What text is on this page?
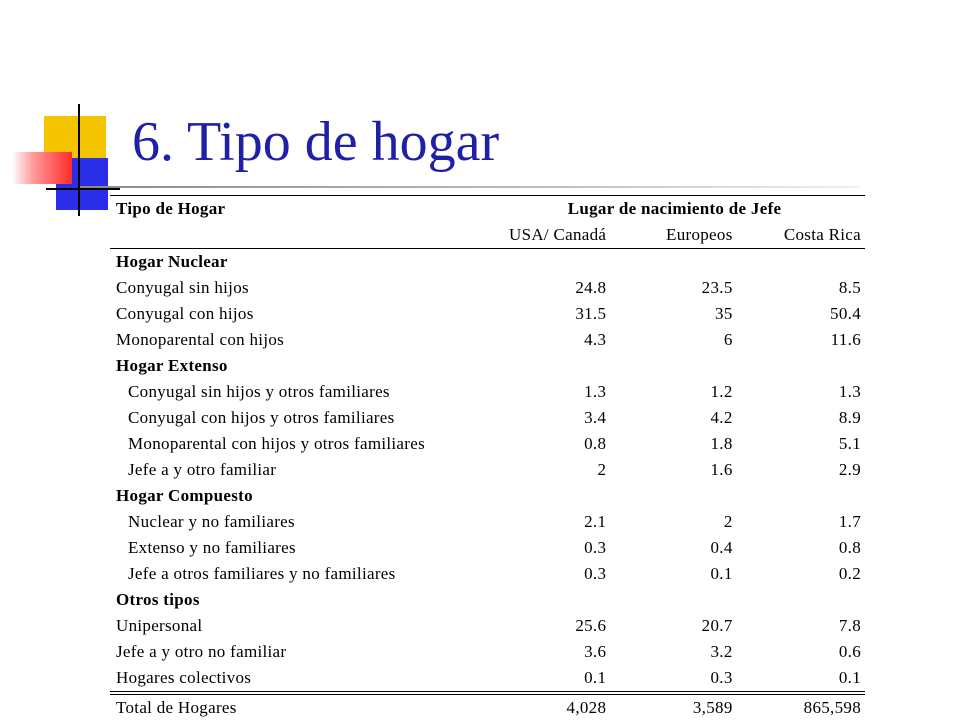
6. Tipo de hogar
Tipo de Hogar	Lugar de nacimiento de Jefe		
	USA/ Canadá	Europeos	Costa Rica
Hogar Nuclear			
Conyugal sin hijos	24.8	23.5	8.5
Conyugal con hijos	31.5	35	50.4
Monoparental con hijos	4.3	6	11.6
Hogar Extenso			
Conyugal sin hijos y otros familiares	1.3	1.2	1.3
Conyugal con hijos y otros familiares	3.4	4.2	8.9
Monoparental con hijos y otros familiares	0.8	1.8	5.1
Jefe a y otro familiar	2	1.6	2.9
Hogar Compuesto			
Nuclear y no familiares	2.1	2	1.7
Extenso y no familiares	0.3	0.4	0.8
Jefe a otros familiares y no familiares	0.3	0.1	0.2
Otros tipos			
Unipersonal	25.6	20.7	7.8
Jefe a y otro no familiar	3.6	3.2	0.6
Hogares colectivos	0.1	0.3	0.1
Total de Hogares	4,028	3,589	865,598
